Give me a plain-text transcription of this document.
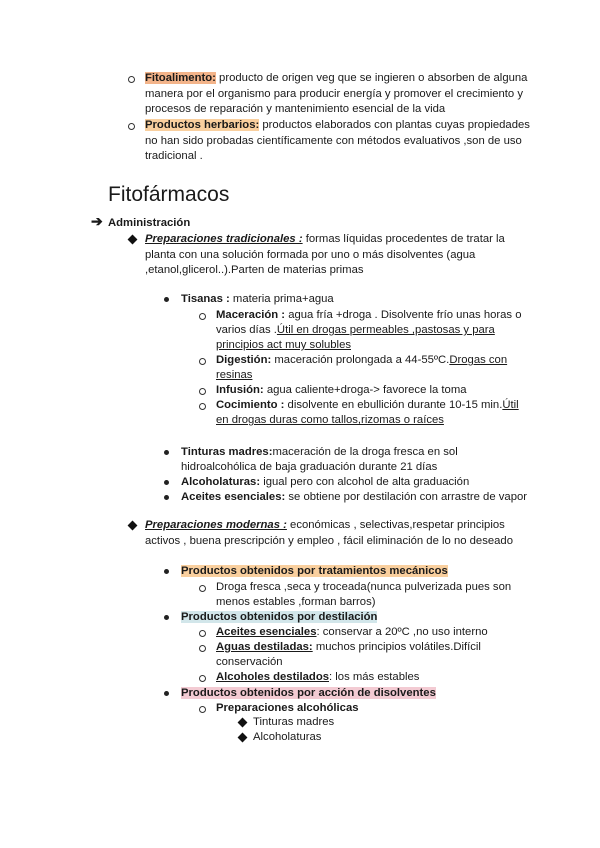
Fitoalimento: producto de origen veg que se ingieren o absorben de alguna
manera por el organismo para producir energía y promover el crecimiento y
procesos de reparación y mantenimiento esencial de la vida
Productos herbarios: productos elaborados con plantas cuyas propiedades
no han sido probadas científicamente con métodos evaluativos ,son de uso
tradicional .
Fitofármacos
➔ Administración
Preparaciones tradicionales : formas líquidas procedentes de tratar la
planta con una solución formada por uno o más disolventes (agua
,etanol,glicerol..).Parten de materias primas
Tisanas : materia prima+agua
Maceración : agua fría +droga . Disolvente frío unas horas o
varios días .Útil en drogas permeables ,pastosas y para
principios act muy solubles
Digestión: maceración prolongada a 44-55ºC.Drogas con
resinas
Infusión: agua caliente+droga-> favorece la toma
Cocimiento : disolvente en ebullición durante 10-15 min.Útil
en drogas duras como tallos,rizomas o raíces
Tinturas madres:maceración de la droga fresca en sol
hidroalcohólica de baja graduación durante 21 días
Alcoholaturas: igual pero con alcohol de alta graduación
Aceites esenciales: se obtiene por destilación con arrastre de vapor
Preparaciones modernas : económicas , selectivas,respetar principios
activos , buena prescripción y empleo , fácil eliminación de lo no deseado
Productos obtenidos por tratamientos mecánicos
Droga fresca ,seca y troceada(nunca pulverizada pues son
menos estables ,forman barros)
Productos obtenidos por destilación
Aceites esenciales: conservar a 20ºC ,no uso interno
Aguas destiladas: muchos principios volátiles.Difícil
conservación
Alcoholes destilados: los más estables
Productos obtenidos por acción de disolventes
Preparaciones alcohólicas
Tinturas madres
Alcoholaturas
